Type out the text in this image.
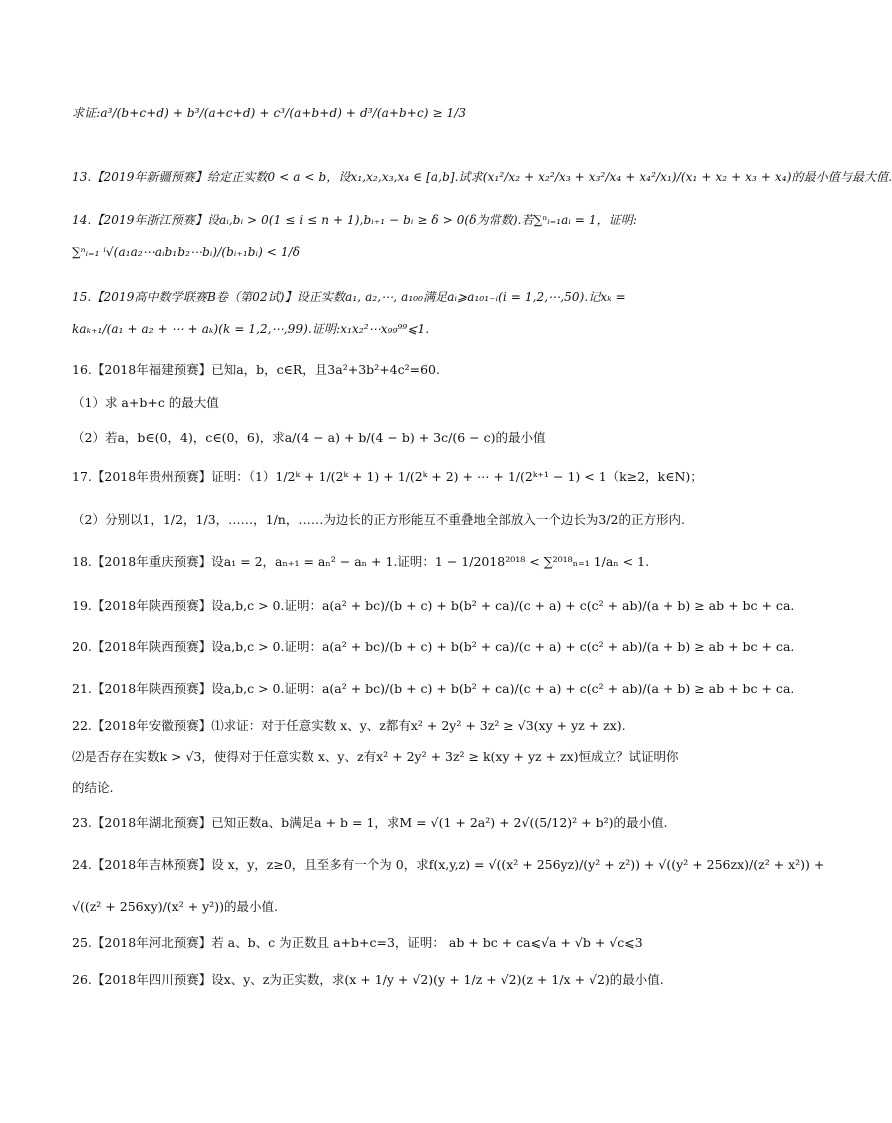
求证:a³/(b+c+d) + b³/(a+c+d) + c³/(a+b+d) + d³/(a+b+c) ≥ 1/3
13.【2019年新疆预赛】给定正实数0 < a < b，设x₁,x₂,x₃,x₄ ∈ [a,b].试求(x₁²/x₂ + x₂²/x₃ + x₃²/x₄ + x₄²/x₁)/(x₁ + x₂ + x₃ + x₄)的最小值与最大值.
14.【2019年浙江预赛】设aᵢ,bᵢ > 0(1 ≤ i ≤ n + 1),bᵢ₊₁ − bᵢ ≥ δ > 0(δ为常数).若∑ⁿᵢ₌₁aᵢ = 1，证明:
∑ⁿᵢ₌₁ ⁱ√(a₁a₂⋯aᵢb₁b₂⋯bᵢ)/(bᵢ₊₁bᵢ) < 1/δ
15.【2019高中数学联赛B卷（第02试)】设正实数a₁, a₂,⋯, a₁₀₀满足aᵢ⩾a₁₀₁₋ᵢ(i = 1,2,⋯,50).记xₖ =
kaₖ₊₁/(a₁ + a₂ + ⋯ + aₖ)(k = 1,2,⋯,99).证明:x₁x₂²⋯x₉₉⁹⁹⩽1.
16.【2018年福建预赛】已知a，b，c∈R，且3a²+3b²+4c²=60.
（1）求 a+b+c 的最大值
（2）若a，b∈(0，4)，c∈(0，6)，求a/(4 − a) + b/(4 − b) + 3c/(6 − c)的最小值
17.【2018年贵州预赛】证明：（1）1/2ᵏ + 1/(2ᵏ + 1) + 1/(2ᵏ + 2) + ⋯ + 1/(2ᵏ⁺¹ − 1) < 1（k≥2，k∈N)；
（2）分别以1，1/2，1/3，……，1/n，……为边长的正方形能互不重叠地全部放入一个边长为3/2的正方形内.
18.【2018年重庆预赛】设a₁ = 2，aₙ₊₁ = aₙ² − aₙ + 1.证明：1 − 1/2018²⁰¹⁸ < ∑²⁰¹⁸ₙ₌₁ 1/aₙ < 1.
19.【2018年陕西预赛】设a,b,c > 0.证明：a(a² + bc)/(b + c) + b(b² + ca)/(c + a) + c(c² + ab)/(a + b) ≥ ab + bc + ca.
20.【2018年陕西预赛】设a,b,c > 0.证明：a(a² + bc)/(b + c) + b(b² + ca)/(c + a) + c(c² + ab)/(a + b) ≥ ab + bc + ca.
21.【2018年陕西预赛】设a,b,c > 0.证明：a(a² + bc)/(b + c) + b(b² + ca)/(c + a) + c(c² + ab)/(a + b) ≥ ab + bc + ca.
22.【2018年安徽预赛】⑴求证：对于任意实数 x、y、z都有x² + 2y² + 3z² ≥ √3(xy + yz + zx).
⑵是否存在实数k > √3，使得对于任意实数 x、y、z有x² + 2y² + 3z² ≥ k(xy + yz + zx)恒成立？试证明你
的结论.
23.【2018年湖北预赛】已知正数a、b满足a + b = 1，求M = √(1 + 2a²) + 2√((5/12)² + b²)的最小值.
24.【2018年吉林预赛】设 x，y，z≥0，且至多有一个为 0，求f(x,y,z) = √((x² + 256yz)/(y² + z²)) + √((y² + 256zx)/(z² + x²)) +
√((z² + 256xy)/(x² + y²))的最小值.
25.【2018年河北预赛】若 a、b、c 为正数且 a+b+c=3，证明： ab + bc + ca⩽√a + √b + √c⩽3
26.【2018年四川预赛】设x、y、z为正实数，求(x + 1/y + √2)(y + 1/z + √2)(z + 1/x + √2)的最小值.
